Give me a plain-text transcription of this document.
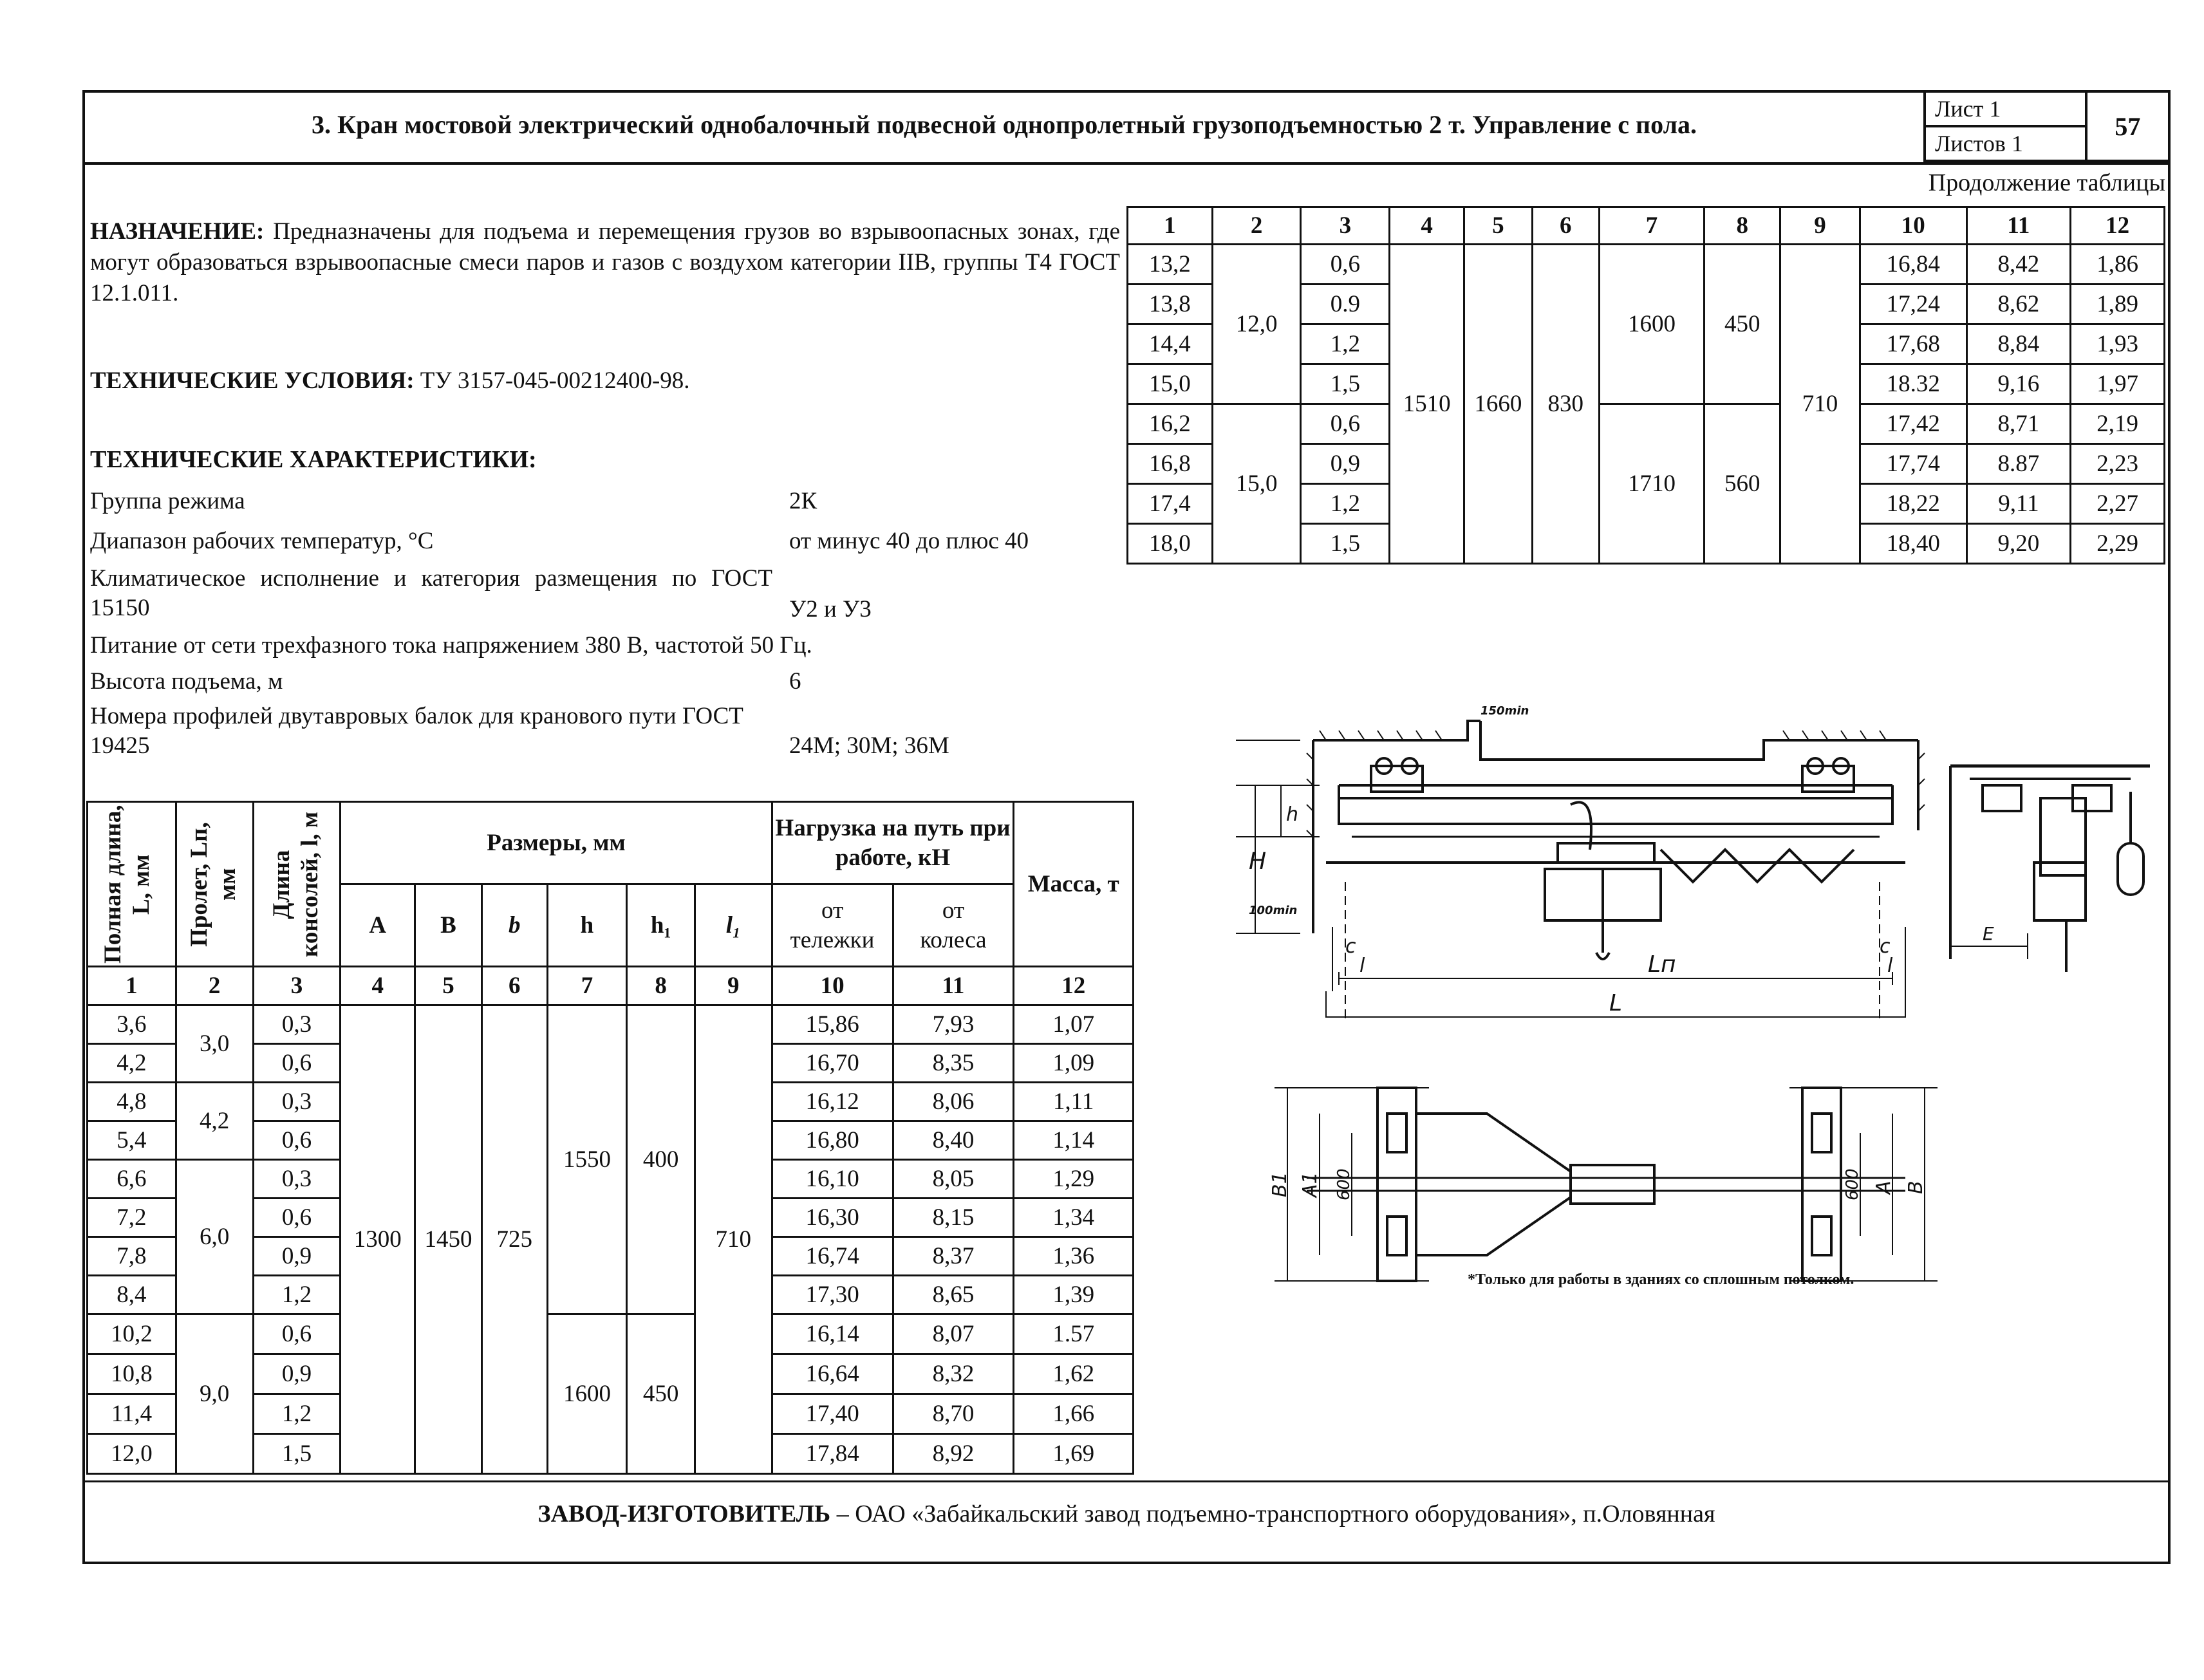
3. Кран мостовой электрический однобалочный подвесной однопролетный грузоподъемностью 2 т. Управление с пола.
Лист 1	57
Листов 1
Продолжение таблицы
НАЗНАЧЕНИЕ: Предназначены для подъема и перемещения грузов во взрывоопасных зонах, где могут образоваться взрывоопасные смеси паров и газов с воздухом категории IIВ, группы Т4 ГОСТ 12.1.011.
ТЕХНИЧЕСКИЕ УСЛОВИЯ: ТУ 3157-045-00212400-98.
ТЕХНИЧЕСКИЕ ХАРАКТЕРИСТИКИ:
Группа режима	2К
Диапазон рабочих температур, °С	от минус 40 до плюс 40
Климатическое исполнение и категория размещения по ГОСТ 15150	У2 и У3
Питание от сети трехфазного тока напряжением 380 В, частотой 50 Гц.
Высота подъема, м	6
Номера профилей двутавровых балок для кранового пути ГОСТ 19425	24М; 30М; 36М
1	2	3	4	5	6	7	8	9	10	11	12
13,2	12,0	0,6	1510	1660	830	1600	450	710	16,84	8,42	1,86
13,8		0.9							17,24	8,62	1,89
14,4		1,2							17,68	8,84	1,93
15,0		1,5							18.32	9,16	1,97
16,2	15,0	0,6				1710	560		17,42	8,71	2,19
16,8		0,9							17,74	8.87	2,23
17,4		1,2							18,22	9,11	2,27
18,0		1,5							18,40	9,20	2,29
Полная длина, L, мм	Пролет, Lп, мм	Длина консолей, l, м	Размеры, мм						Нагрузка на путь при работе, кН		Масса, т
			A	B	b	h	h₁	l₁	от тележки	от колеса	
1	2	3	4	5	6	7	8	9	10	11	12
3,6	3,0	0,3	1300	1450	725	1550	400	710	15,86	7,93	1,07
4,2		0,6							16,70	8,35	1,09
4,8	4,2	0,3							16,12	8,06	1,11
5,4		0,6							16,80	8,40	1,14
6,6	6,0	0,3							16,10	8,05	1,29
7,2		0,6							16,30	8,15	1,34
7,8		0,9							16,74	8,37	1,36
8,4		1,2							17,30	8,65	1,39
10,2	9,0	0,6				1600	450		16,14	8,07	1.57
10,8		0,9							16,64	8,32	1,62
11,4		1,2							17,40	8,70	1,66
12,0		1,5							17,84	8,92	1,69
H
h
L
Lп
c	c
l	l
100min
150min
E
B1 A1 600	600 A B
*Только для работы в зданиях со сплошным потолком.
ЗАВОД-ИЗГОТОВИТЕЛЬ – ОАО «Забайкальский завод подъемно-транспортного оборудования», п.Оловянная
